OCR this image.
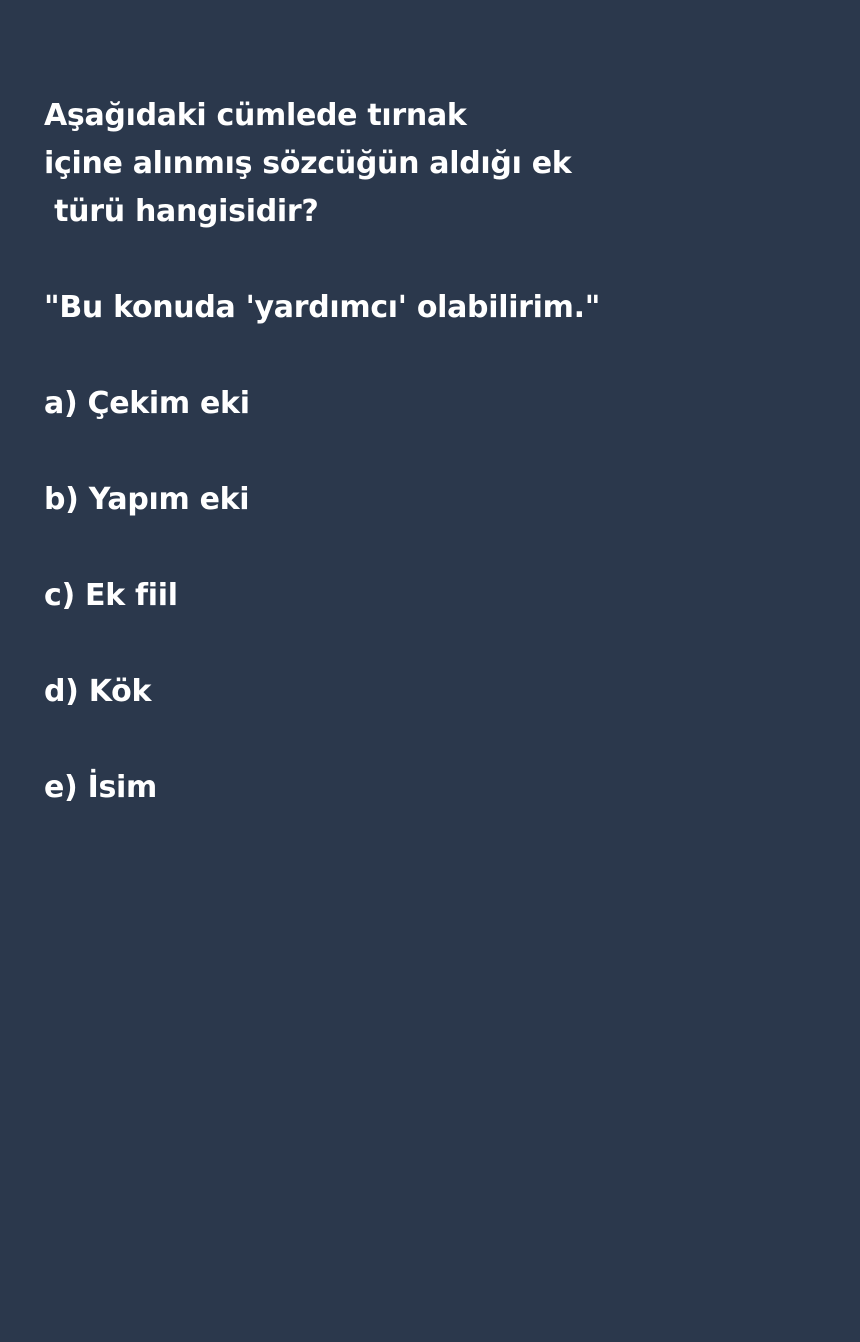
Aşağıdaki cümlede tırnak
içine alınmış sözcüğün aldığı ek
türü hangisidir?
"Bu konuda 'yardımcı' olabilirim."
a) Çekim eki
b) Yapım eki
c) Ek fiil
d) Kök
e) İsim
